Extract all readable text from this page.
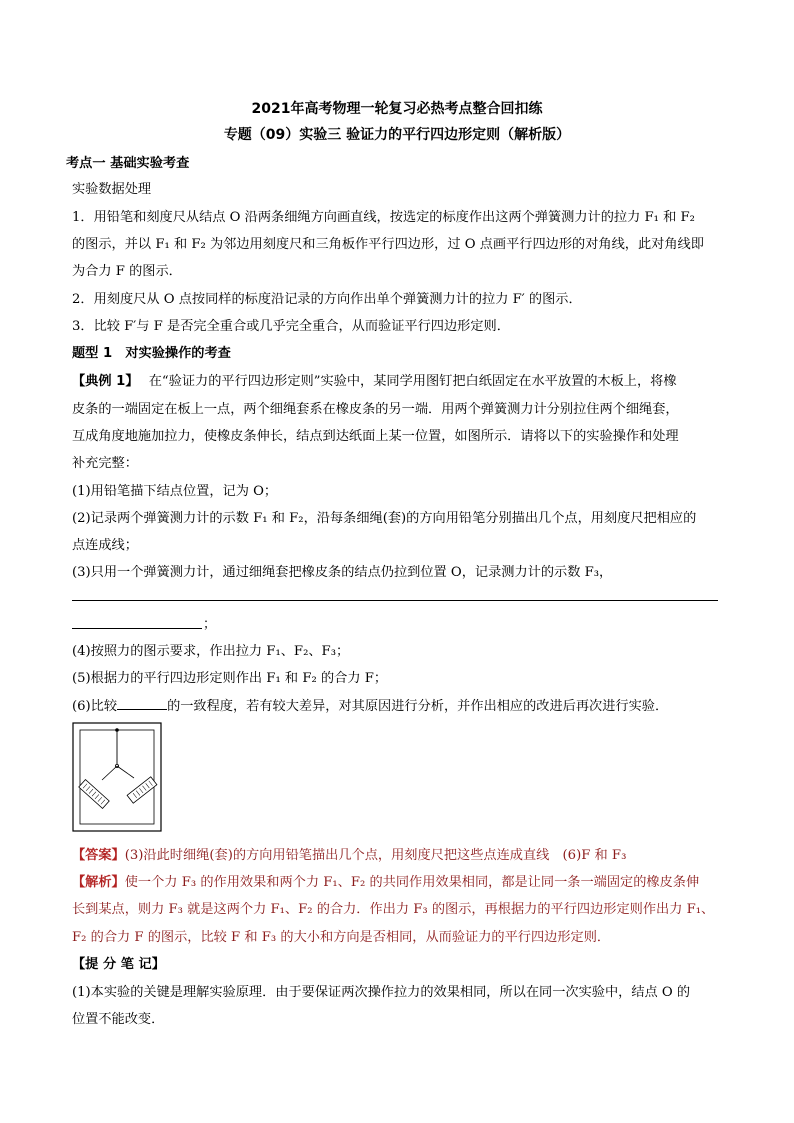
2021年高考物理一轮复习必热考点整合回扣练
专题（09）实验三 验证力的平行四边形定则（解析版）
考点一 基础实验考查
实验数据处理
1．用铅笔和刻度尺从结点 O 沿两条细绳方向画直线，按选定的标度作出这两个弹簧测力计的拉力 F₁ 和 F₂
的图示，并以 F₁ 和 F₂ 为邻边用刻度尺和三角板作平行四边形，过 O 点画平行四边形的对角线，此对角线即
为合力 F 的图示．
2．用刻度尺从 O 点按同样的标度沿记录的方向作出单个弹簧测力计的拉力 F′ 的图示．
3．比较 F′与 F 是否完全重合或几乎完全重合，从而验证平行四边形定则．
题型 1　对实验操作的考查
【典例 1】 在“验证力的平行四边形定则”实验中，某同学用图钉把白纸固定在水平放置的木板上，将橡
皮条的一端固定在板上一点，两个细绳套系在橡皮条的另一端．用两个弹簧测力计分别拉住两个细绳套，
互成角度地施加拉力，使橡皮条伸长，结点到达纸面上某一位置，如图所示．请将以下的实验操作和处理
补充完整：
(1)用铅笔描下结点位置，记为 O；
(2)记录两个弹簧测力计的示数 F₁ 和 F₂，沿每条细绳(套)的方向用铅笔分别描出几个点，用刻度尺把相应的
点连成线；
(3)只用一个弹簧测力计，通过细绳套把橡皮条的结点仍拉到位置 O，记录测力计的示数 F₃，
；
(4)按照力的图示要求，作出拉力 F₁、F₂、F₃；
(5)根据力的平行四边形定则作出 F₁ 和 F₂ 的合力 F；
(6)比较	的一致程度，若有较大差异，对其原因进行分析，并作出相应的改进后再次进行实验．
【答案】(3)沿此时细绳(套)的方向用铅笔描出几个点，用刻度尺把这些点连成直线　(6)F 和 F₃
【解析】使一个力 F₃ 的作用效果和两个力 F₁、F₂ 的共同作用效果相同，都是让同一条一端固定的橡皮条伸
长到某点，则力 F₃ 就是这两个力 F₁、F₂ 的合力．作出力 F₃ 的图示，再根据力的平行四边形定则作出力 F₁、
F₂ 的合力 F 的图示，比较 F 和 F₃ 的大小和方向是否相同，从而验证力的平行四边形定则．
【提 分 笔 记】
(1)本实验的关键是理解实验原理．由于要保证两次操作拉力的效果相同，所以在同一次实验中，结点 O 的
位置不能改变．
